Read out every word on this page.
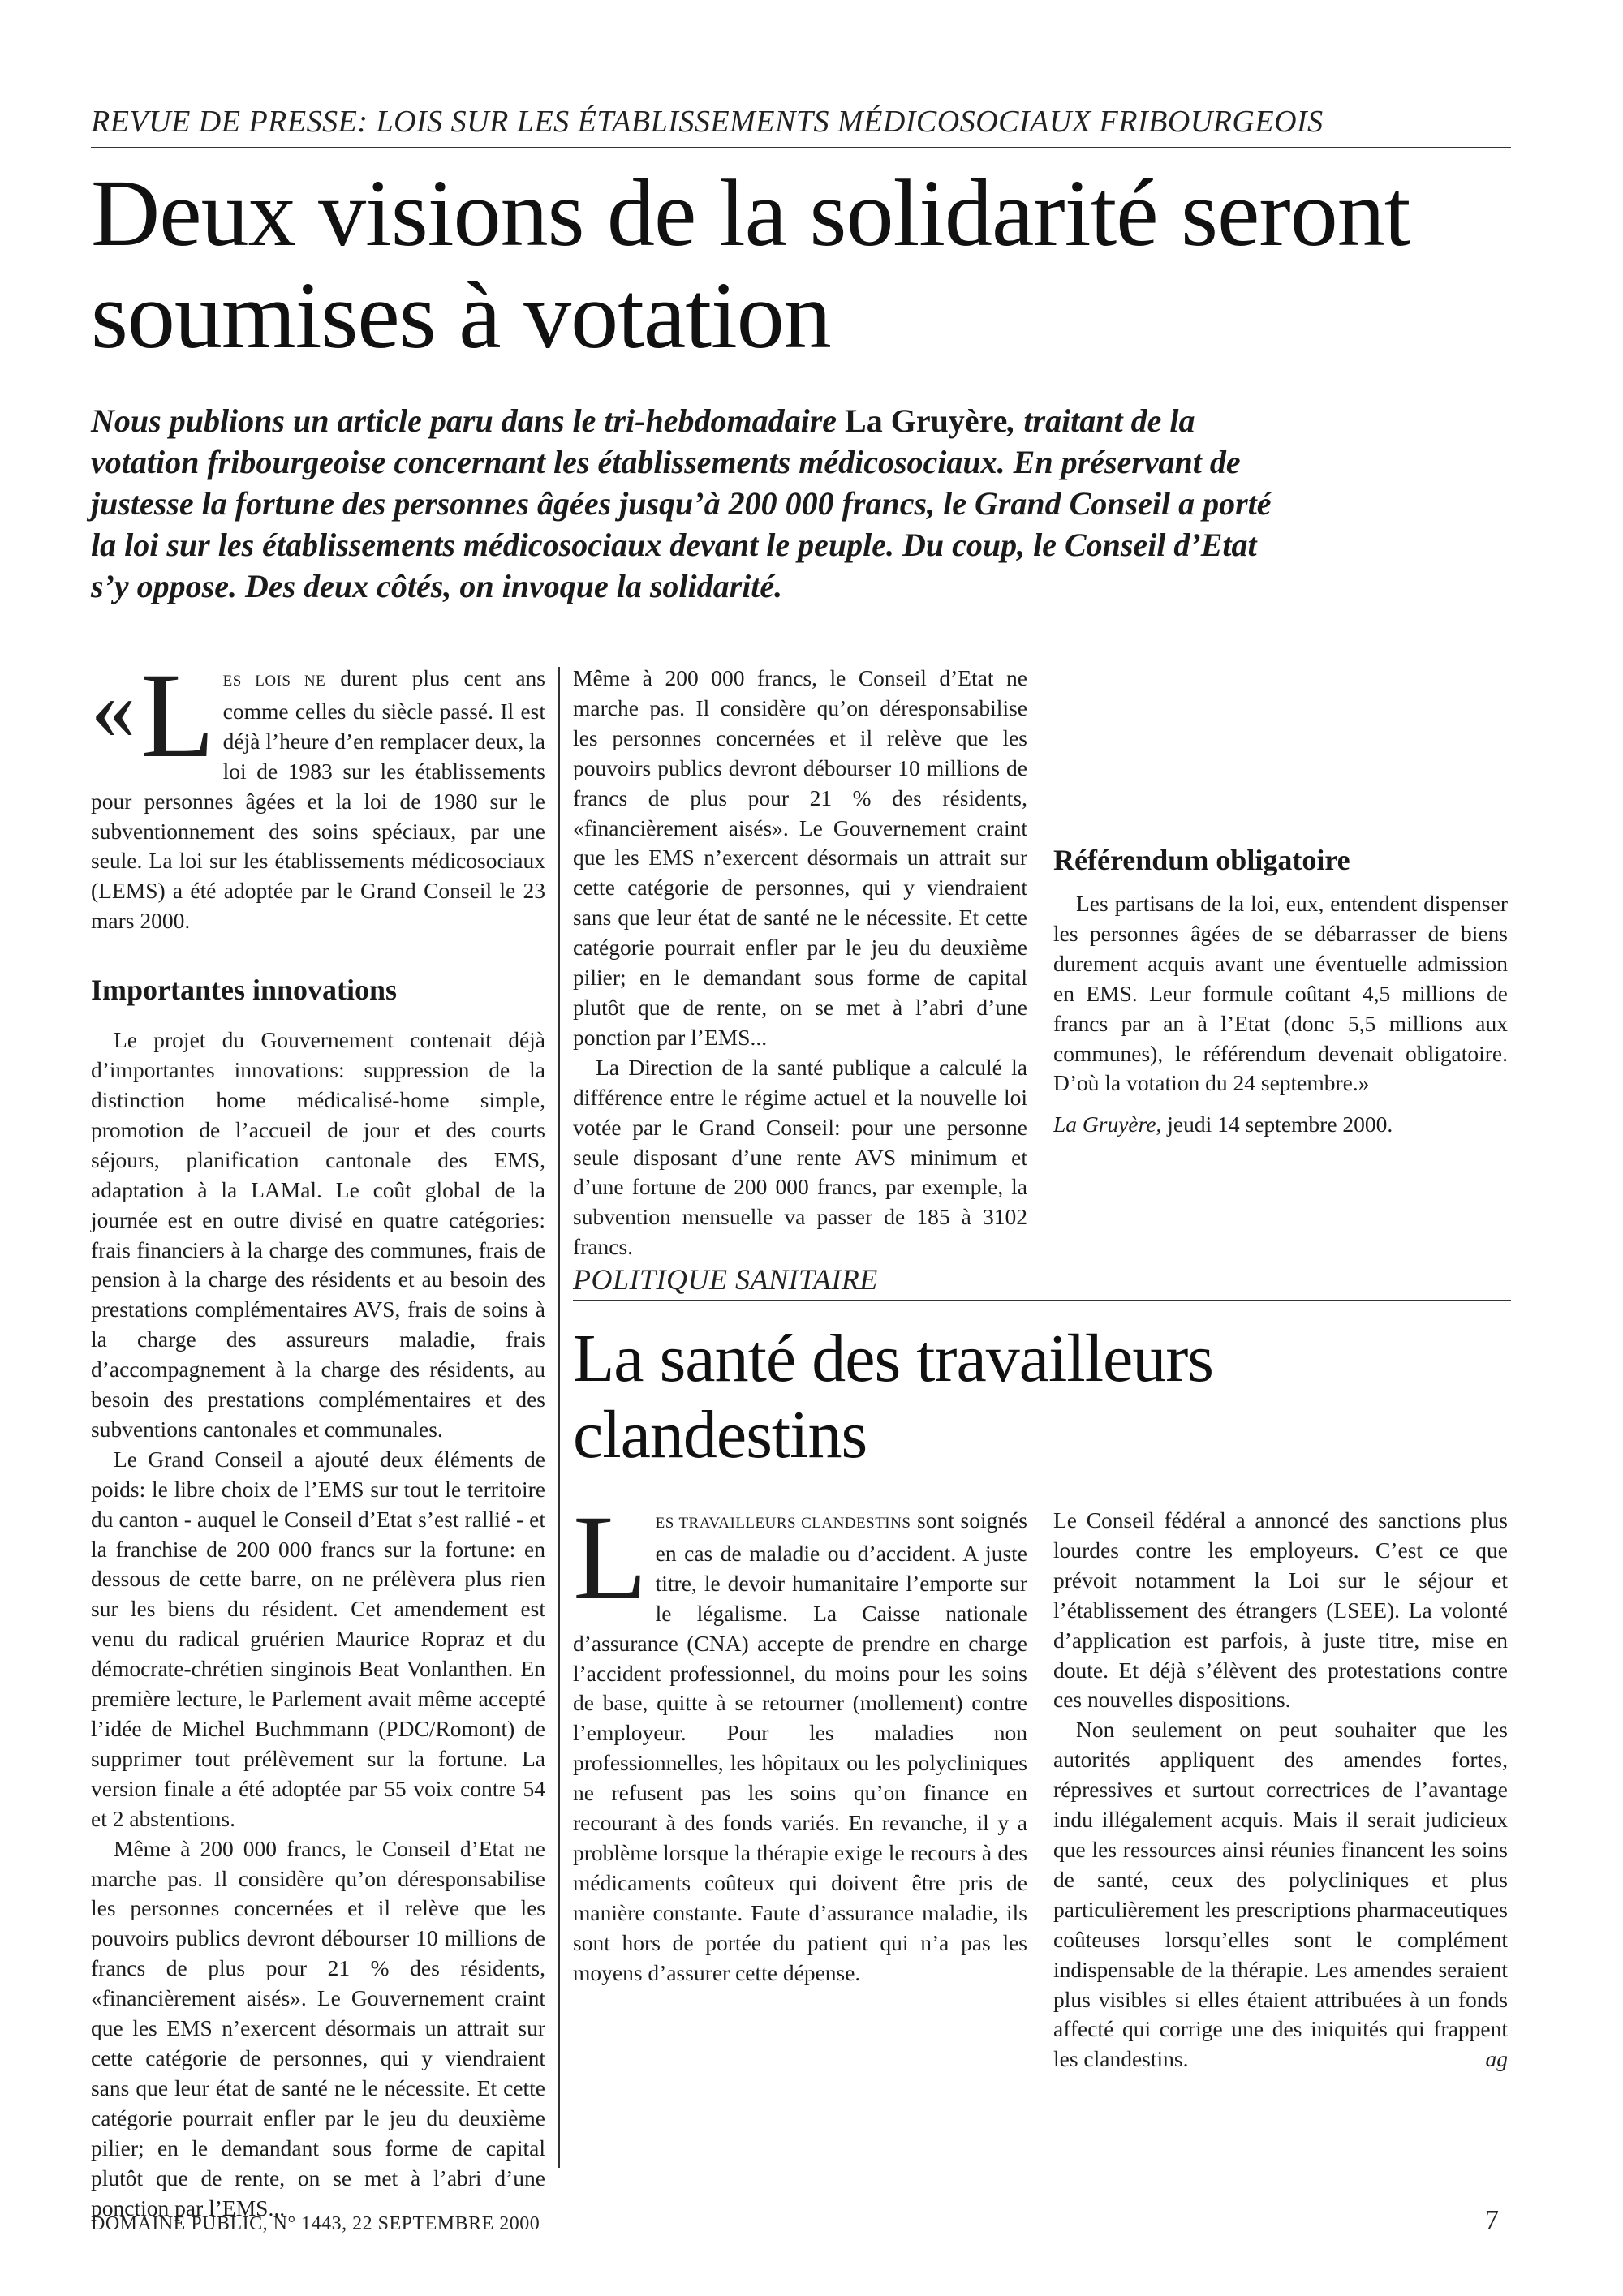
REVUE DE PRESSE: LOIS SUR LES ÉTABLISSEMENTS MÉDICOSOCIAUX FRIBOURGEOIS
Deux visions de la solidarité seront
soumises à votation

Nous publions un article paru dans le tri-hebdomadaire La Gruyère, traitant de la votation fribourgeoise concernant les établissements médicosociaux. En préservant de justesse la fortune des personnes âgées jusqu’à 200 000 francs, le Grand Conseil a porté la loi sur les établissements médicosociaux devant le peuple. Du coup, le Conseil d’Etat s’y oppose. Des deux côtés, on invoque la solidarité.

« L ES LOIS NE durent plus cent ans comme celles du siècle passé. Il est déjà l’heure d’en remplacer deux, la loi de 1983 sur les établissements pour personnes âgées et la loi de 1980 sur le subventionnement des soins spéciaux, par une seule. La loi sur les établissements médicosociaux (LEMS) a été adoptée par le Grand Conseil le 23 mars 2000.

Importantes innovations

Le projet du Gouvernement contenait déjà d’importantes innovations: suppression de la distinction home médicalisé-home simple, promotion de l’accueil de jour et des courts séjours, planification cantonale des EMS, adaptation à la LAMal. Le coût global de la journée est en outre divisé en quatre catégories: frais financiers à la charge des communes, frais de pension à la charge des résidents et au besoin des prestations complémentaires AVS, frais de soins à la charge des assureurs maladie, frais d’accompagnement à la charge des résidents, au besoin des prestations complémentaires et des subventions cantonales et communales.

Le Grand Conseil a ajouté deux éléments de poids: le libre choix de l’EMS sur tout le territoire du canton - auquel le Conseil d’Etat s’est rallié - et la franchise de 200 000 francs sur la fortune: en dessous de cette barre, on ne prélèvera plus rien sur les biens du résident. Cet amendement est venu du radical gruérien Maurice Ropraz et du démocrate-chrétien singinois Beat Vonlanthen. En première lecture, le Parlement avait même accepté l’idée de Michel Buchmmann (PDC/Romont) de supprimer tout prélèvement sur la fortune. La version finale a été adoptée par 55 voix contre 54 et 2 abstentions.

Même à 200 000 francs, le Conseil d’Etat ne marche pas. Il considère qu’on déresponsabilise les personnes concernées et il relève que les pouvoirs publics devront débourser 10 millions de francs de plus pour 21 % des résidents, «financièrement aisés». Le Gouvernement craint que les EMS n’exercent désormais un attrait sur cette catégorie de personnes, qui y viendraient sans que leur état de santé ne le nécessite. Et cette catégorie pourrait enfler par le jeu du deuxième pilier; en le demandant sous forme de capital plutôt que de rente, on se met à l’abri d’une ponction par l’EMS...

Même à 200 000 francs, le Conseil d’Etat ne marche pas. Il considère qu’on déresponsabilise les personnes concernées et il relève que les pouvoirs publics devront débourser 10 millions de francs de plus pour 21 % des résidents, «financièrement aisés». Le Gouvernement craint que les EMS n’exercent désormais un attrait sur cette catégorie de personnes, qui y viendraient sans que leur état de santé ne le nécessite. Et cette catégorie pourrait enfler par le jeu du deuxième pilier; en le demandant sous forme de capital plutôt que de rente, on se met à l’abri d’une ponction par l’EMS...

La Direction de la santé publique a calculé la différence entre le régime actuel et la nouvelle loi votée par le Grand Conseil: pour une personne seule disposant d’une rente AVS minimum et d’une fortune de 200 000 francs, par exemple, la subvention mensuelle va passer de 185 à 3102 francs.

Référendum obligatoire

Les partisans de la loi, eux, entendent dispenser les personnes âgées de se débarrasser de biens durement acquis avant une éventuelle admission en EMS. Leur formule coûtant 4,5 millions de francs par an à l’Etat (donc 5,5 millions aux communes), le référendum devenait obligatoire. D’où la votation du 24 septembre.»

La Gruyère, jeudi 14 septembre 2000.

POLITIQUE SANITAIRE
La santé des travailleurs
clandestins

LES TRAVAILLEURS CLANDESTINS sont soignés en cas de maladie ou d’accident. A juste titre, le devoir humanitaire l’emporte sur le légalisme. La Caisse nationale d’assurance (CNA) accepte de prendre en charge l’accident professionnel, du moins pour les soins de base, quitte à se retourner (mollement) contre l’employeur. Pour les maladies non professionnelles, les hôpitaux ou les polycliniques ne refusent pas les soins qu’on finance en recourant à des fonds variés. En revanche, il y a problème lorsque la thérapie exige le recours à des médicaments coûteux qui doivent être pris de manière constante. Faute d’assurance maladie, ils sont hors de portée du patient qui n’a pas les moyens d’assurer cette dépense.

Le Conseil fédéral a annoncé des sanctions plus lourdes contre les employeurs. C’est ce que prévoit notamment la Loi sur le séjour et l’établissement des étrangers (LSEE). La volonté d’application est parfois, à juste titre, mise en doute. Et déjà s’élèvent des protestations contre ces nouvelles dispositions.

Non seulement on peut souhaiter que les autorités appliquent des amendes fortes, répressives et surtout correctrices de l’avantage indu illégalement acquis. Mais il serait judicieux que les ressources ainsi réunies financent les soins de santé, ceux des polycliniques et plus particulièrement les prescriptions pharmaceutiques coûteuses lorsqu’elles sont le complément indispensable de la thérapie. Les amendes seraient plus visibles si elles étaient attribuées à un fonds affecté qui corrige une des iniquités qui frappent les clandestins.	ag

DOMAINE PUBLIC, N° 1443, 22 SEPTEMBRE 2000	7
